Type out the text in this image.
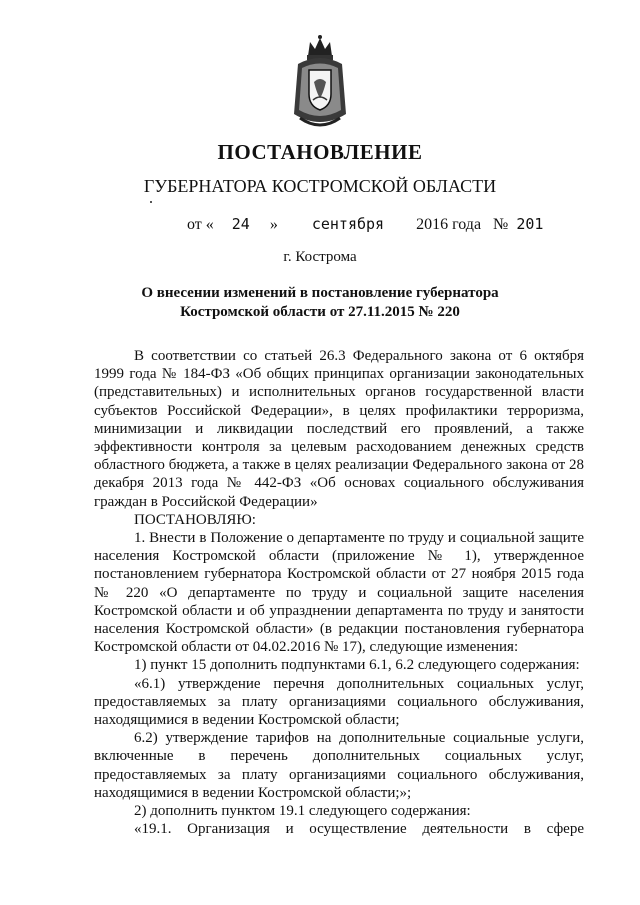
ПОСТАНОВЛЕНИЕ
ГУБЕРНАТОРА КОСТРОМСКОЙ ОБЛАСТИ
от « 24 » сентября 2016 года № 201
г. Кострома
О внесении изменений в постановление губернатора
Костромской области от 27.11.2015 № 220

В соответствии со статьей 26.3 Федерального закона от 6 октября 1999 года № 184-ФЗ «Об общих принципах организации законодательных (представительных) и исполнительных органов государственной власти субъектов Российской Федерации», в целях профилактики терроризма, минимизации и ликвидации последствий его проявлений, а также эффективности контроля за целевым расходованием денежных средств областного бюджета, а также в целях реализации Федерального закона от 28 декабря 2013 года № 442-ФЗ «Об основах социального обслуживания граждан в Российской Федерации»

ПОСТАНОВЛЯЮ:

1. Внести в Положение о департаменте по труду и социальной защите населения Костромской области (приложение № 1), утвержденное постановлением губернатора Костромской области от 27 ноября 2015 года № 220 «О департаменте по труду и социальной защите населения Костромской области и об упразднении департамента по труду и занятости населения Костромской области» (в редакции постановления губернатора Костромской области от 04.02.2016 № 17), следующие изменения:

1) пункт 15 дополнить подпунктами 6.1, 6.2 следующего содержания:

«6.1) утверждение перечня дополнительных социальных услуг, предоставляемых за плату организациями социального обслуживания, находящимися в ведении Костромской области;

6.2) утверждение тарифов на дополнительные социальные услуги, включенные в перечень дополнительных социальных услуг, предоставляемых за плату организациями социального обслуживания, находящимися в ведении Костромской области;»;

2) дополнить пунктом 19.1 следующего содержания:

«19.1. Организация и осуществление деятельности в сфере
